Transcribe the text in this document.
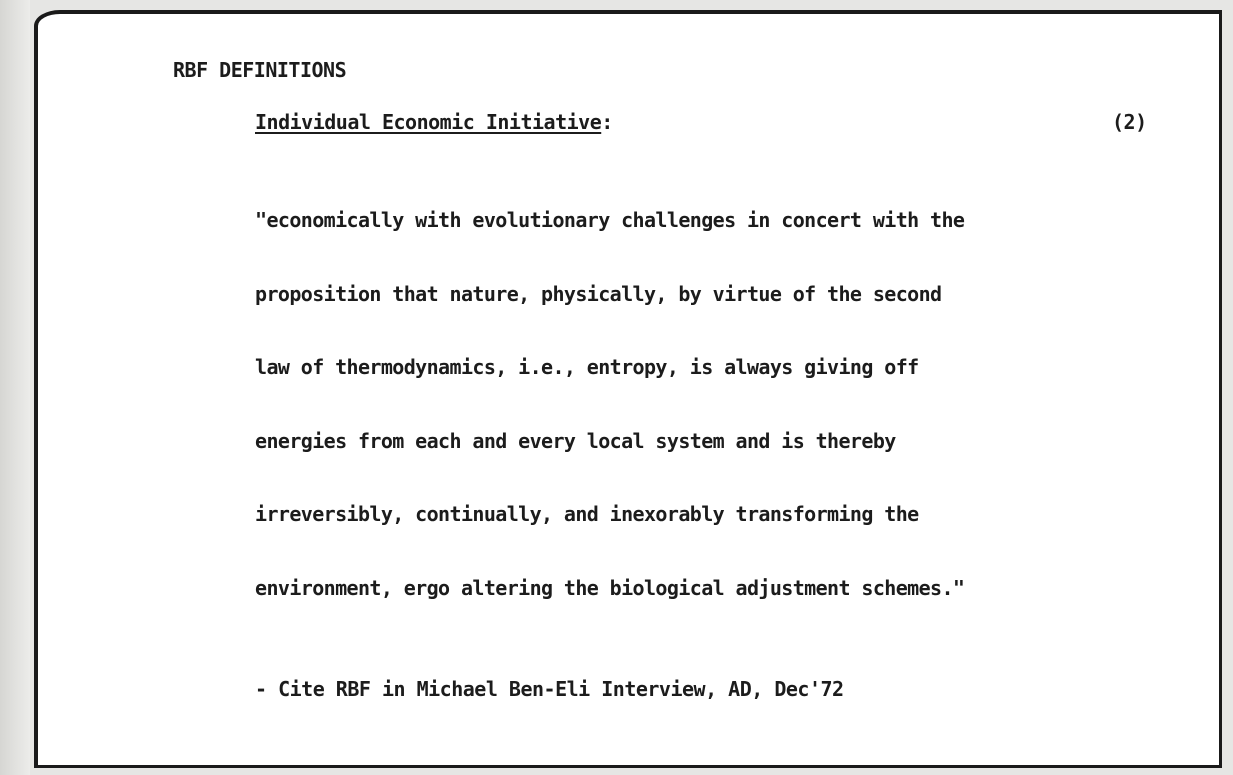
RBF DEFINITIONS
Individual Economic Initiative:	(2)

"economically with evolutionary challenges in concert with the

proposition that nature, physically, by virtue of the second

law of thermodynamics, i.e., entropy, is always giving off

energies from each and every local system and is thereby

irreversibly, continually, and inexorably transforming the

environment, ergo altering the biological adjustment schemes."

- Cite RBF in Michael Ben-Eli Interview, AD, Dec'72
